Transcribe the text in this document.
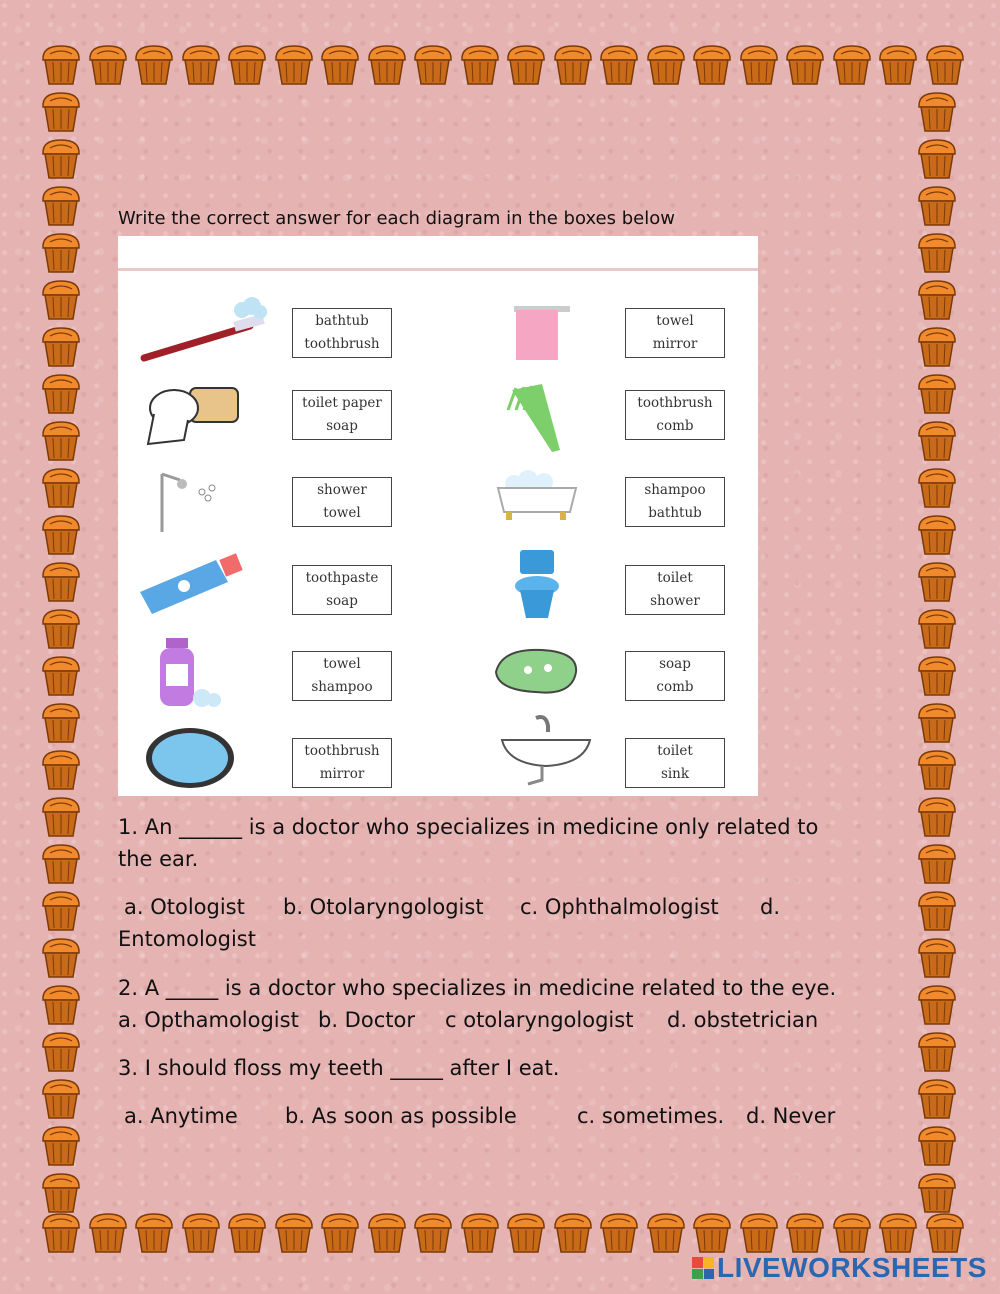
Write the correct answer for each diagram in the boxes below
bathtub
toothbrush
towel
mirror
toilet paper
soap
toothbrush
comb
shower
towel
shampoo
bathtub
toothpaste
soap
toilet
shower
towel
shampoo
soap
comb
toothbrush
mirror
toilet
sink
1. An ______ is a doctor who specializes in medicine only related to
the ear.
a. Otologist b. Otolaryngologist c. Ophthalmologist d.
Entomologist
2. A _____ is a doctor who specializes in medicine related to the eye.
a. Opthamologist b. Doctor c otolaryngologist d. obstetrician
3. I should floss my teeth _____ after I eat.
a. Anytime b. As soon as possible	c. sometimes. d. Never
LIVEWORKSHEETS
